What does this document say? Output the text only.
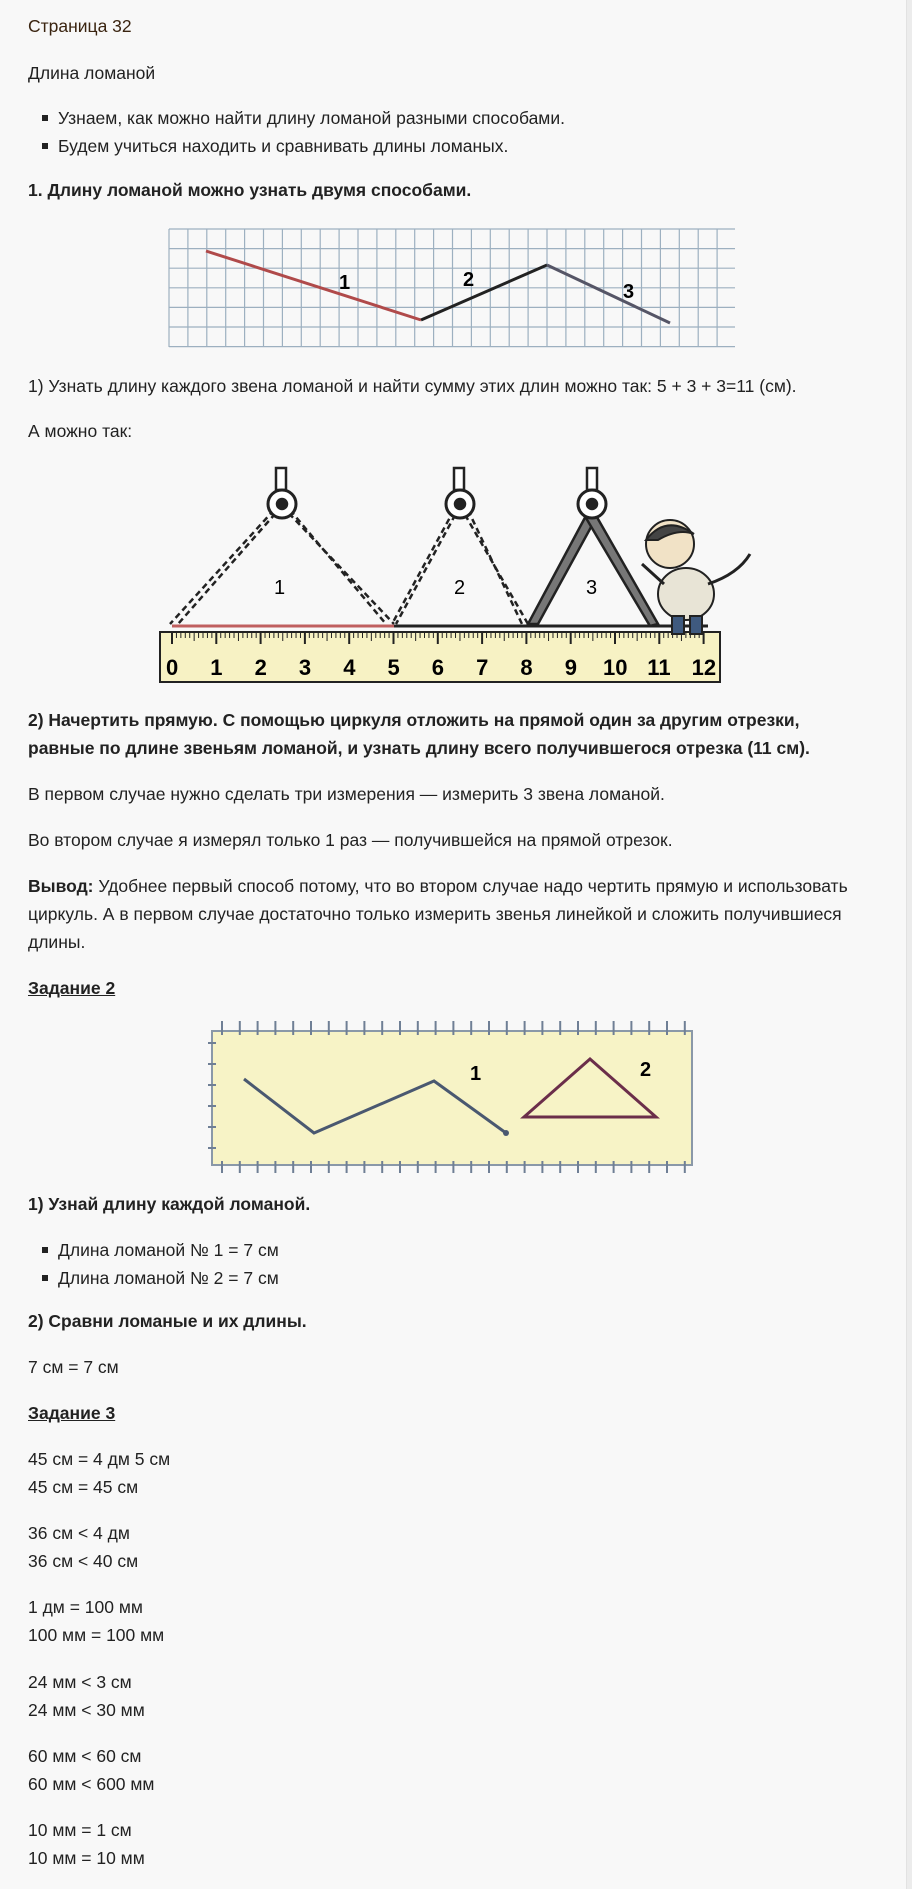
Страница 32

Длина ломаной

Узнаем, как можно найти длину ломаной разными способами.
Будем учиться находить и сравнивать длины ломаных.

1. Длину ломаной можно узнать двумя способами.

1	2
3

1) Узнать длину каждого звена ломаной и найти сумму этих длин можно так: 5 + 3 + 3=11 (см).

А можно так:

0 1 2 3 4 5 6 7 8 9 10 11 12
1	2	3

2) Начертить прямую. С помощью циркуля отложить на прямой один за другим отрезки,

равные по длине звеньям ломаной, и узнать длину всего получившегося отрезка (11 см).

В первом случае нужно сделать три измерения — измерить 3 звена ломаной.

Во втором случае я измерял только 1 раз — получившейся на прямой отрезок.

Вывод: Удобнее первый способ потому, что во втором случае надо чертить прямую и использовать

циркуль. А в первом случае достаточно только измерить звенья линейкой и сложить получившиеся

длины.

Задание 2

1	2

1) Узнай длину каждой ломаной.

Длина ломаной № 1 = 7 см
Длина ломаной № 2 = 7 см

2) Сравни ломаные и их длины.

7 см = 7 см

Задание 3

45 см = 4 дм 5 см

45 см = 45 см

36 см < 4 дм

36 см < 40 см

1 дм = 100 мм

100 мм = 100 мм

24 мм < 3 см

24 мм < 30 мм

60 мм < 60 см

60 мм < 600 мм

10 мм = 1 см

10 мм = 10 мм
